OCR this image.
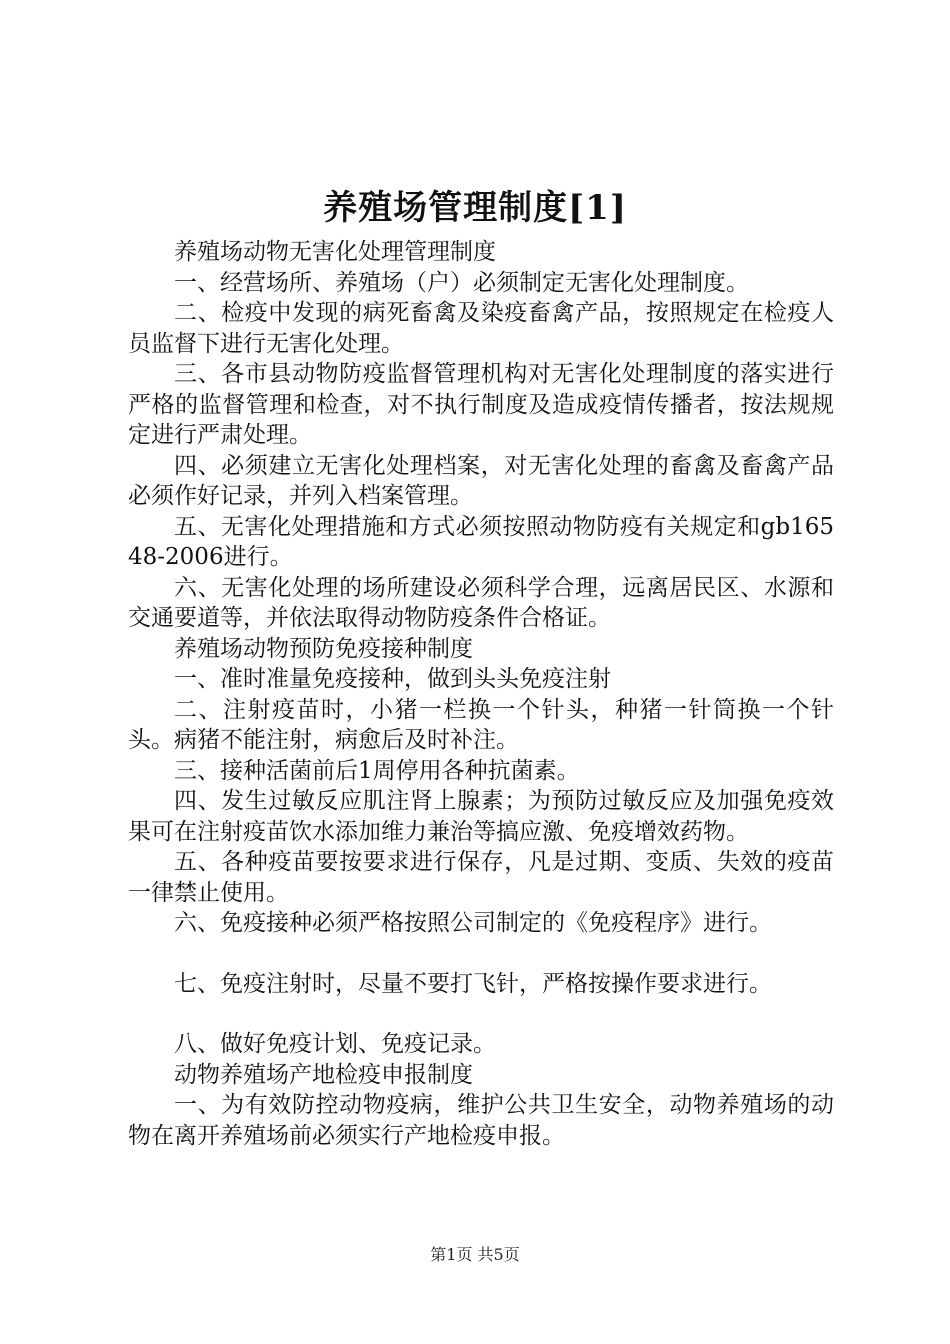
养殖场管理制度[1]

养殖场动物无害化处理管理制度

一、经营场所、养殖场（户）必须制定无害化处理制度。

二、检疫中发现的病死畜禽及染疫畜禽产品，按照规定在检疫人员监督下进行无害化处理。

三、各市县动物防疫监督管理机构对无害化处理制度的落实进行严格的监督管理和检查，对不执行制度及造成疫情传播者，按法规规定进行严肃处理。

四、必须建立无害化处理档案，对无害化处理的畜禽及畜禽产品必须作好记录，并列入档案管理。

五、无害化处理措施和方式必须按照动物防疫有关规定和gb16548-2006进行。

六、无害化处理的场所建设必须科学合理，远离居民区、水源和交通要道等，并依法取得动物防疫条件合格证。

养殖场动物预防免疫接种制度

一、准时准量免疫接种，做到头头免疫注射

二、注射疫苗时，小猪一栏换一个针头，种猪一针筒换一个针头。病猪不能注射，病愈后及时补注。

三、接种活菌前后1周停用各种抗菌素。

四、发生过敏反应肌注肾上腺素；为预防过敏反应及加强免疫效果可在注射疫苗饮水添加维力兼治等搞应激、免疫增效药物。

五、各种疫苗要按要求进行保存，凡是过期、变质、失效的疫苗一律禁止使用。

六、免疫接种必须严格按照公司制定的《免疫程序》进行。

七、免疫注射时，尽量不要打飞针，严格按操作要求进行。

八、做好免疫计划、免疫记录。

动物养殖场产地检疫申报制度

一、为有效防控动物疫病，维护公共卫生安全，动物养殖场的动物在离开养殖场前必须实行产地检疫申报。

第1页 共5页
